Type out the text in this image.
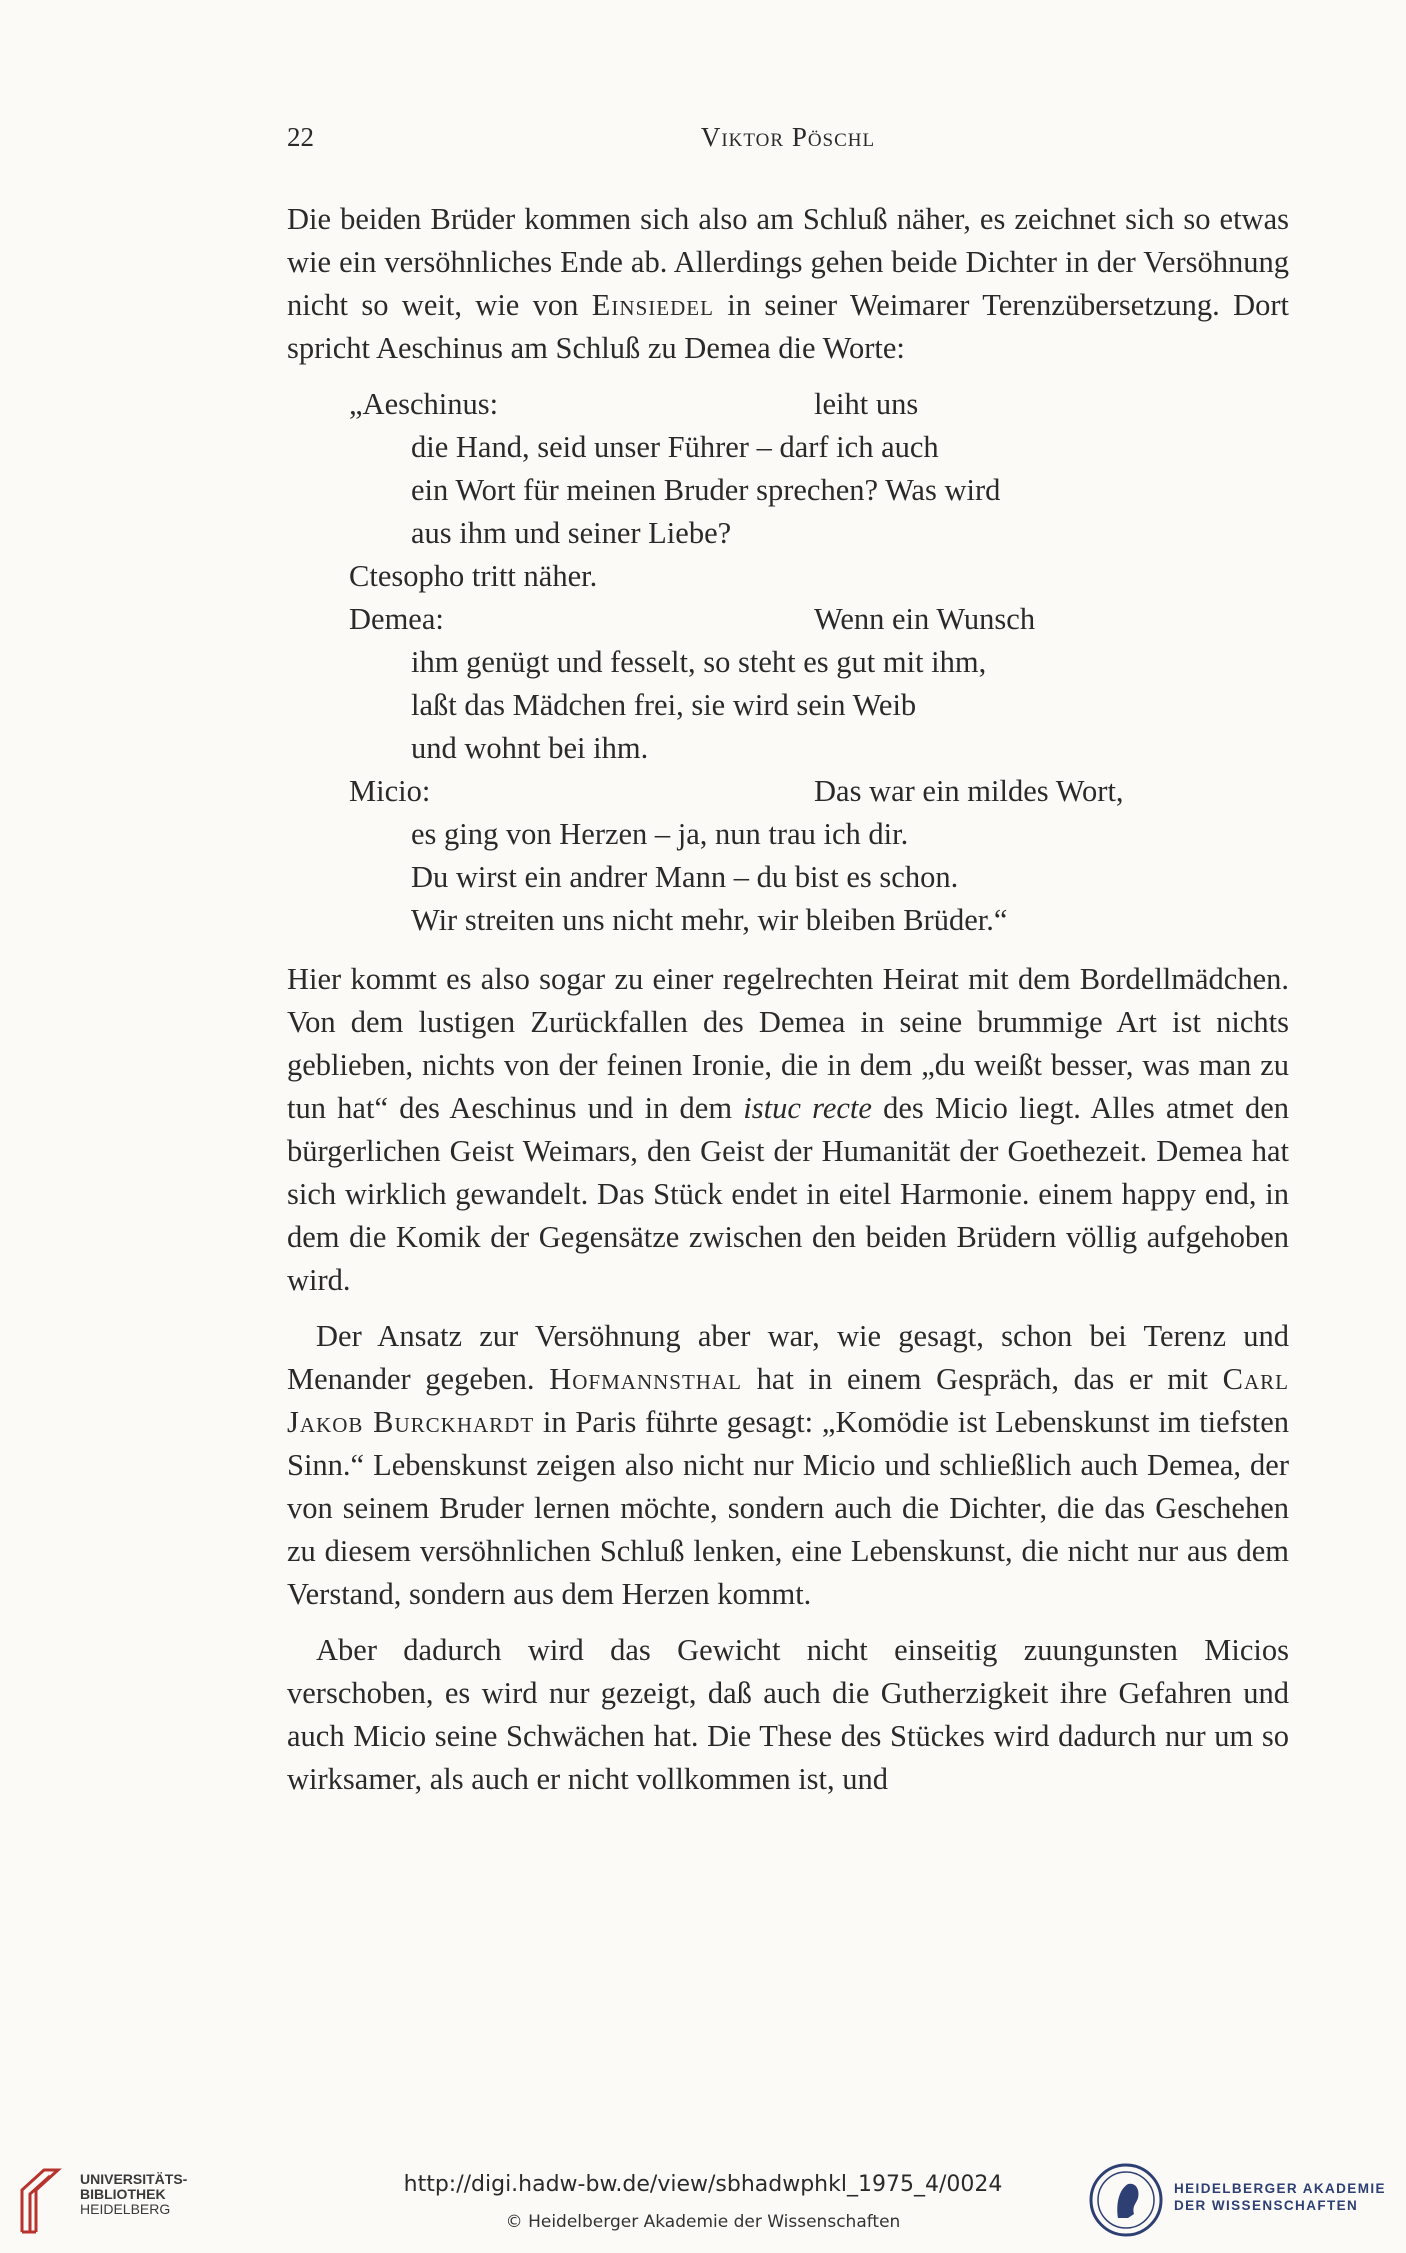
22	Viktor Pöschl

Die beiden Brüder kommen sich also am Schluß näher, es zeichnet sich so etwas wie ein versöhnliches Ende ab. Allerdings gehen beide Dichter in der Versöhnung nicht so weit, wie von Einsiedel in seiner Weimarer Terenzübersetzung. Dort spricht Aeschinus am Schluß zu Demea die Worte:

„Aeschinus:	leiht uns
die Hand, seid unser Führer – darf ich auch
ein Wort für meinen Bruder sprechen? Was wird
aus ihm und seiner Liebe?
Ctesopho tritt näher.
Demea:	Wenn ein Wunsch
ihm genügt und fesselt, so steht es gut mit ihm,
laßt das Mädchen frei, sie wird sein Weib
und wohnt bei ihm.
Micio:	Das war ein mildes Wort,
es ging von Herzen – ja, nun trau ich dir.
Du wirst ein andrer Mann – du bist es schon.
Wir streiten uns nicht mehr, wir bleiben Brüder.“

Hier kommt es also sogar zu einer regelrechten Heirat mit dem Bordellmädchen. Von dem lustigen Zurückfallen des Demea in seine brummige Art ist nichts geblieben, nichts von der feinen Ironie, die in dem „du weißt besser, was man zu tun hat“ des Aeschinus und in dem istuc recte des Micio liegt. Alles atmet den bürgerlichen Geist Weimars, den Geist der Humanität der Goethezeit. Demea hat sich wirklich gewandelt. Das Stück endet in eitel Harmonie. einem happy end, in dem die Komik der Gegensätze zwischen den beiden Brüdern völlig aufgehoben wird.

Der Ansatz zur Versöhnung aber war, wie gesagt, schon bei Terenz und Menander gegeben. Hofmannsthal hat in einem Gespräch, das er mit Carl Jakob Burckhardt in Paris führte gesagt: „Komödie ist Lebenskunst im tiefsten Sinn.“ Lebenskunst zeigen also nicht nur Micio und schließlich auch Demea, der von seinem Bruder lernen möchte, sondern auch die Dichter, die das Geschehen zu diesem versöhnlichen Schluß lenken, eine Lebenskunst, die nicht nur aus dem Verstand, sondern aus dem Herzen kommt.

Aber dadurch wird das Gewicht nicht einseitig zuungunsten Micios verschoben, es wird nur gezeigt, daß auch die Gutherzigkeit ihre Gefahren und auch Micio seine Schwächen hat. Die These des Stückes wird dadurch nur um so wirksamer, als auch er nicht vollkommen ist, und

UNIVERSITÄTS-
BIBLIOTHEK
HEIDELBERG
http://digi.hadw-bw.de/view/sbhadwphkl_1975_4/0024
© Heidelberger Akademie der Wissenschaften
HEIDELBERGER AKADEMIE
DER WISSENSCHAFTEN
